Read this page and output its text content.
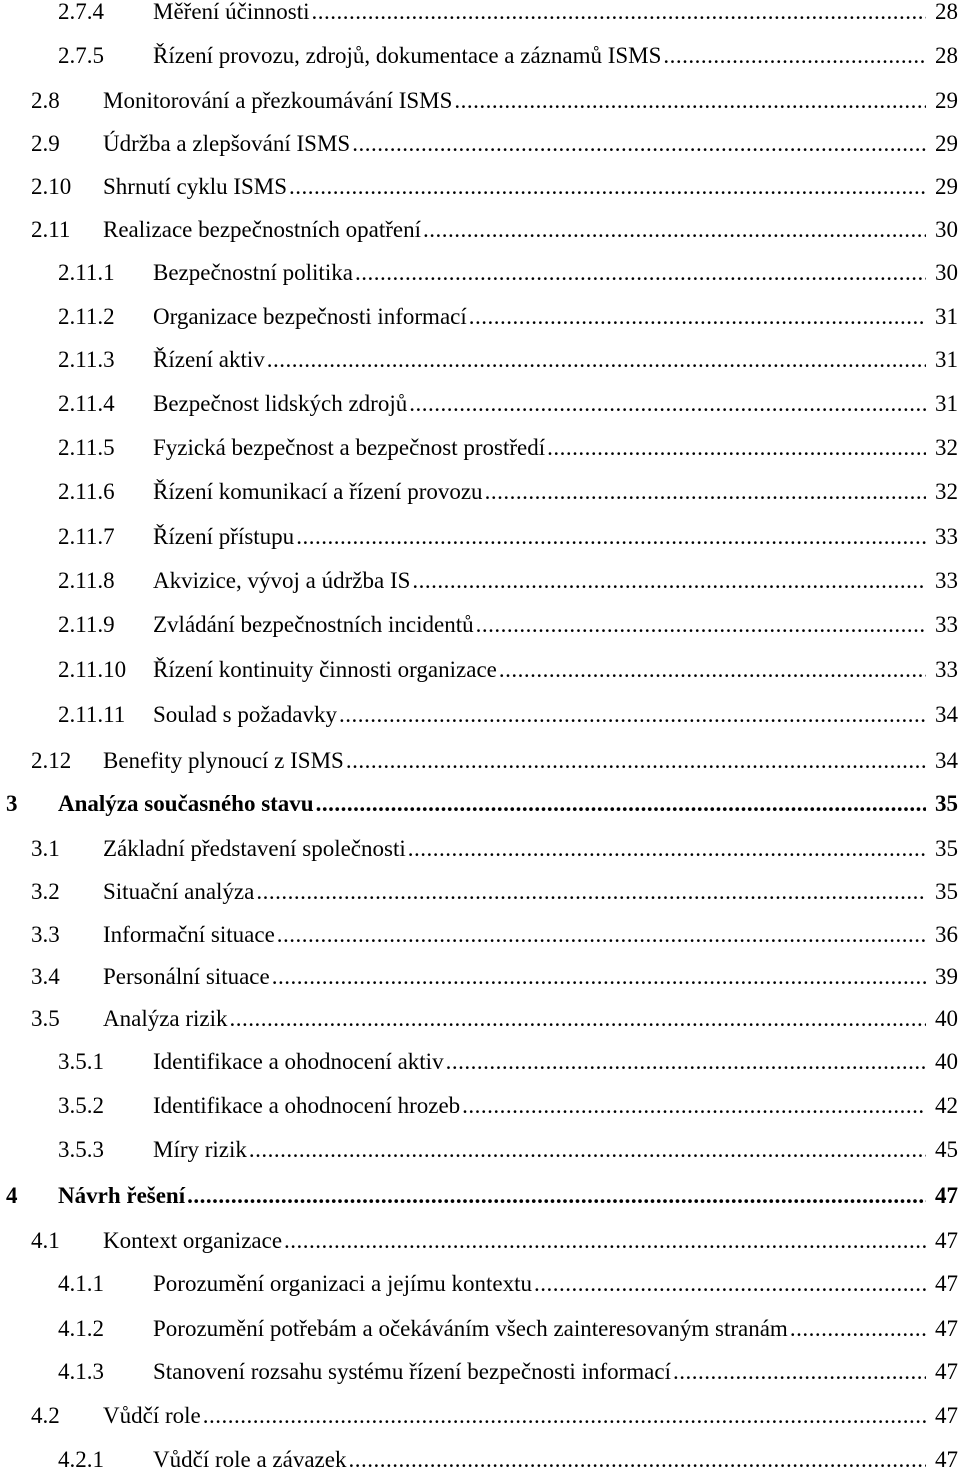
2.7.4 Měření účinnosti .....	28
2.7.5 Řízení provozu, zdrojů, dokumentace a záznamů ISMS .....	28
2.8 Monitorování a přezkoumávání ISMS .....	29
2.9 Údržba a zlepšování ISMS .....	29
2.10 Shrnutí cyklu ISMS .....	29
2.11 Realizace bezpečnostních opatření .....	30
2.11.1 Bezpečnostní politika .....	30
2.11.2 Organizace bezpečnosti informací .....	31
2.11.3 Řízení aktiv .....	31
2.11.4 Bezpečnost lidských zdrojů .....	31
2.11.5 Fyzická bezpečnost a bezpečnost prostředí .....	32
2.11.6 Řízení komunikací a řízení provozu .....	32
2.11.7 Řízení přístupu .....	33
2.11.8 Akvizice, vývoj a údržba IS .....	33
2.11.9 Zvládání bezpečnostních incidentů .....	33
2.11.10 Řízení kontinuity činnosti organizace .....	33
2.11.11 Soulad s požadavky .....	34
2.12 Benefity plynoucí z ISMS .....	34
3 Analýza současného stavu .....	35
3.1 Základní představení společnosti .....	35
3.2 Situační analýza .....	35
3.3 Informační situace .....	36
3.4 Personální situace .....	39
3.5 Analýza rizik .....	40
3.5.1 Identifikace a ohodnocení aktiv .....	40
3.5.2 Identifikace a ohodnocení hrozeb .....	42
3.5.3 Míry rizik .....	45
4 Návrh řešení .....	47
4.1 Kontext organizace .....	47
4.1.1 Porozumění organizaci a jejímu kontextu .....	47
4.1.2 Porozumění potřebám a očekáváním všech zainteresovaným stranám .....	47
4.1.3 Stanovení rozsahu systému řízení bezpečnosti informací .....	47
4.2 Vůdčí role .....	47
4.2.1 Vůdčí role a závazek .....	47
